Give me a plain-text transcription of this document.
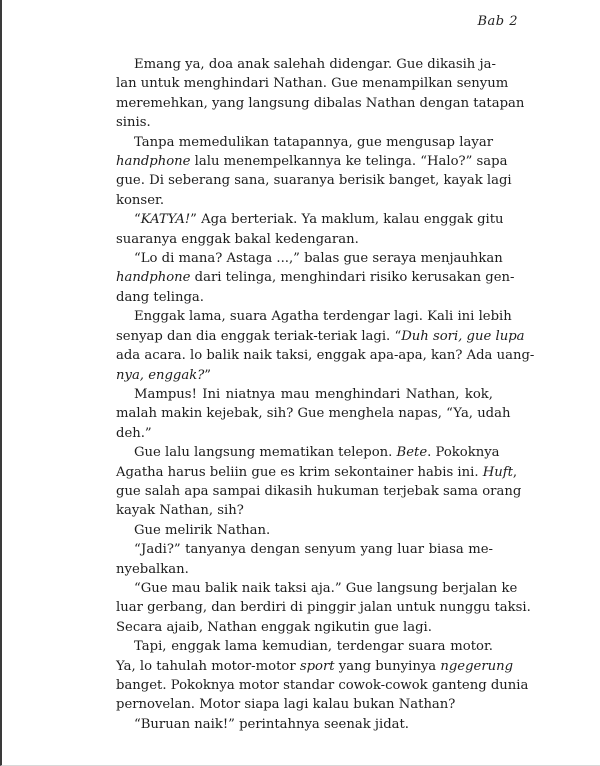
Bab 2
Emang ya, doa anak salehah didengar. Gue dikasih ja-
lan untuk menghindari Nathan. Gue menampilkan senyum
meremehkan, yang langsung dibalas Nathan dengan tatapan
sinis.
Tanpa memedulikan tatapannya, gue mengusap layar
handphone lalu menempelkannya ke telinga. “Halo?” sapa
gue. Di seberang sana, suaranya berisik banget, kayak lagi
konser.
“KATYA!” Aga berteriak. Ya maklum, kalau enggak gitu
suaranya enggak bakal kedengaran.
“Lo di mana? Astaga ...,” balas gue seraya menjauhkan
handphone dari telinga, menghindari risiko kerusakan gen-
dang telinga.
Enggak lama, suara Agatha terdengar lagi. Kali ini lebih
senyap dan dia enggak teriak-teriak lagi. “Duh sori, gue lupa
ada acara. lo balik naik taksi, enggak apa-apa, kan? Ada uang-
nya, enggak?”
Mampus! Ini niatnya mau menghindari Nathan, kok,
malah makin kejebak, sih? Gue menghela napas, “Ya, udah
deh.”
Gue lalu langsung mematikan telepon. Bete. Pokoknya
Agatha harus beliin gue es krim sekontainer habis ini. Huft,
gue salah apa sampai dikasih hukuman terjebak sama orang
kayak Nathan, sih?
Gue melirik Nathan.
“Jadi?” tanyanya dengan senyum yang luar biasa me-
nyebalkan.
“Gue mau balik naik taksi aja.” Gue langsung berjalan ke
luar gerbang, dan berdiri di pinggir jalan untuk nunggu taksi.
Secara ajaib, Nathan enggak ngikutin gue lagi.
Tapi, enggak lama kemudian, terdengar suara motor.
Ya, lo tahulah motor-motor sport yang bunyinya ngegerung
banget. Pokoknya motor standar cowok-cowok ganteng dunia
pernovelan. Motor siapa lagi kalau bukan Nathan?
“Buruan naik!” perintahnya seenak jidat.
